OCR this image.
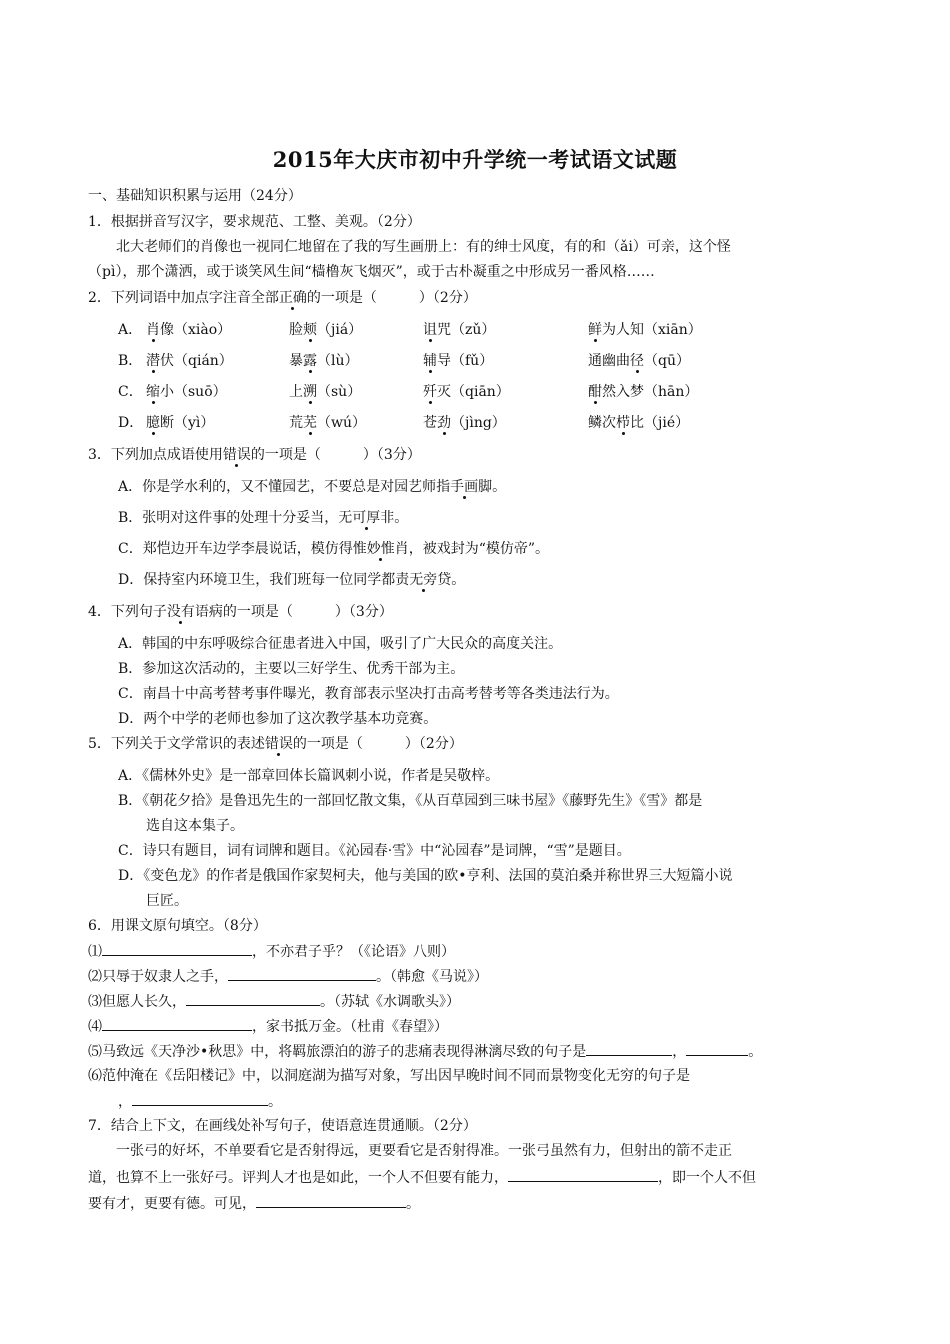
2015年大庆市初中升学统一考试语文试题
一、基础知识积累与运用（24分）
1．根据拼音写汉字，要求规范、工整、美观。（2分）
北大老师们的肖像也一视同仁地留在了我的写生画册上：有的绅士风度，有的和（ǎi）可亲，这个怪
（pì），那个潇洒，或于谈笑风生间“樯橹灰飞烟灭”，或于古朴凝重之中形成另一番风格……
2．下列词语中加点字注音全部正确的一项是（　　　）（2分）
A． 肖像（xiào）	脸颊（jiá）	诅咒（zǔ）	鲜为人知（xiān）
B． 潜伏（qián）	暴露（lù）	辅导（fǔ）	通幽曲径（qū）
C． 缩小（suō）	上溯（sù）	歼灭（qiān）	酣然入梦（hān）
D． 臆断（yì）	荒芜（wú）	苍劲（jìng）	鳞次栉比（jié）
3．下列加点成语使用错误的一项是（　　　）（3分）
A．你是学水利的，又不懂园艺，不要总是对园艺师指手画脚。
B．张明对这件事的处理十分妥当，无可厚非。
C．郑恺边开车边学李晨说话，模仿得惟妙惟肖，被戏封为“模仿帝”。
D．保持室内环境卫生，我们班每一位同学都责无旁贷。
4．下列句子没有语病的一项是（　　　）（3分）
A．韩国的中东呼吸综合征患者进入中国，吸引了广大民众的高度关注。
B．参加这次活动的，主要以三好学生、优秀干部为主。
C．南昌十中高考替考事件曝光，教育部表示坚决打击高考替考等各类违法行为。
D．两个中学的老师也参加了这次教学基本功竞赛。
5．下列关于文学常识的表述错误的一项是（　　　）（2分）
A．《儒林外史》是一部章回体长篇讽刺小说，作者是吴敬梓。
B．《朝花夕拾》是鲁迅先生的一部回忆散文集，《从百草园到三味书屋》《藤野先生》《雪》都是
选自这本集子。
C．诗只有题目，词有词牌和题目。《沁园春·雪》中“沁园春”是词牌，“雪”是题目。
D．《变色龙》的作者是俄国作家契柯夫，他与美国的欧•亨利、法国的莫泊桑并称世界三大短篇小说
巨匠。
6．用课文原句填空。（8分）
⑴	，不亦君子乎？（《论语》八则）
⑵只辱于奴隶人之手，	。（韩愈《马说》）
⑶但愿人长久，	。（苏轼《水调歌头》）
⑷	，家书抵万金。（杜甫《春望》）
⑸马致远《天净沙•秋思》中，将羁旅漂泊的游子的悲痛表现得淋漓尽致的句子是	，	。
⑹范仲淹在《岳阳楼记》中，以洞庭湖为描写对象，写出因早晚时间不同而景物变化无穷的句子是
，	。
7．结合上下文，在画线处补写句子，使语意连贯通顺。（2分）
一张弓的好坏，不单要看它是否射得远，更要看它是否射得准。一张弓虽然有力，但射出的箭不走正
道，也算不上一张好弓。评判人才也是如此，一个人不但要有能力，	，即一个人不但
要有才，更要有德。可见，	。
